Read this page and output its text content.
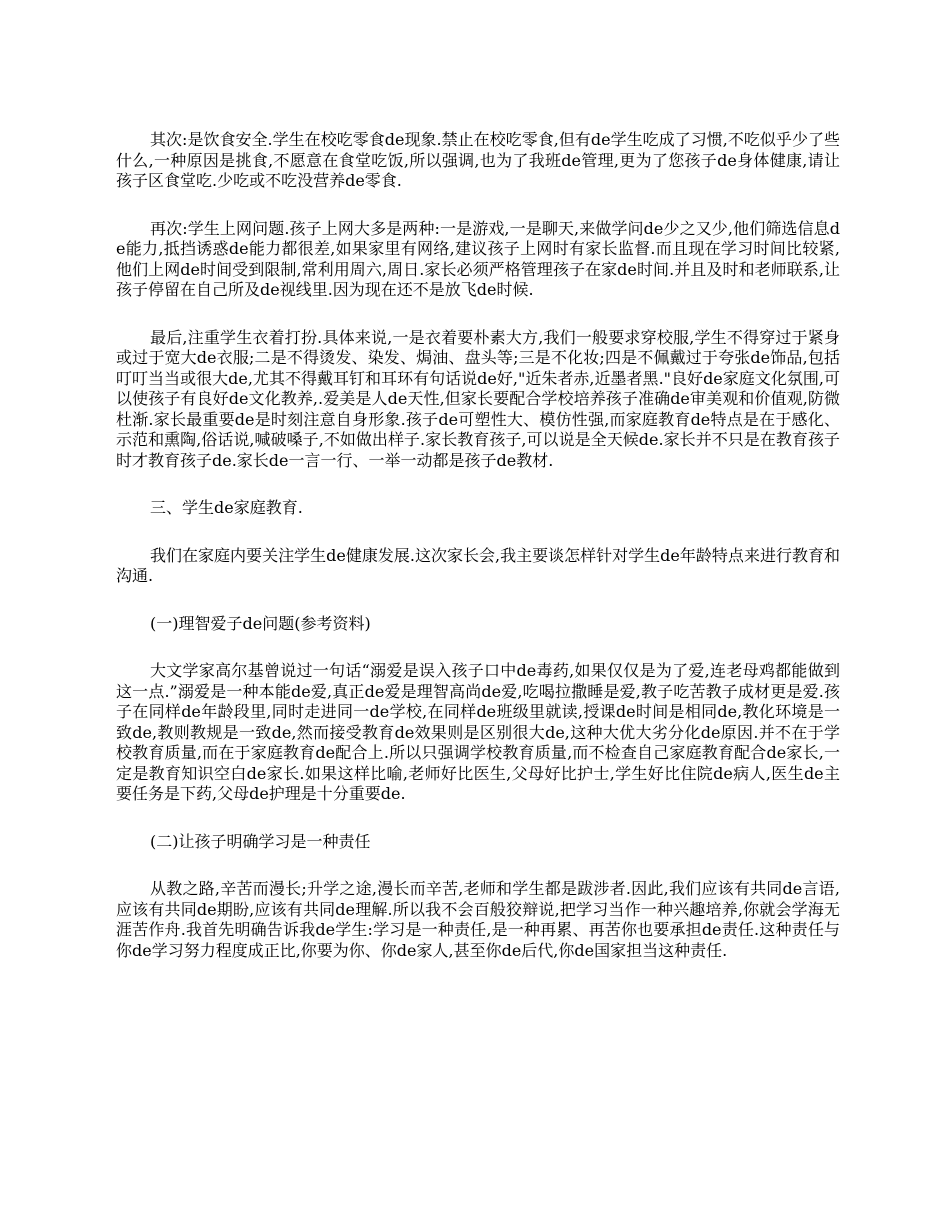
其次:是饮食安全.学生在校吃零食de现象.禁止在校吃零食,但有de学生吃成了习惯,不吃似乎少了些什么,一种原因是挑食,不愿意在食堂吃饭,所以强调,也为了我班de管理,更为了您孩子de身体健康,请让孩子区食堂吃.少吃或不吃没营养de零食.

再次:学生上网问题.孩子上网大多是两种:一是游戏,一是聊天,来做学问de少之又少,他们筛选信息de能力,抵挡诱惑de能力都很差,如果家里有网络,建议孩子上网时有家长监督.而且现在学习时间比较紧,他们上网de时间受到限制,常利用周六,周日.家长必须严格管理孩子在家de时间.并且及时和老师联系,让孩子停留在自己所及de视线里.因为现在还不是放飞de时候.

最后,注重学生衣着打扮.具体来说,一是衣着要朴素大方,我们一般要求穿校服,学生不得穿过于紧身或过于宽大de衣服;二是不得烫发、染发、焗油、盘头等;三是不化妆;四是不佩戴过于夸张de饰品,包括叮叮当当或很大de,尤其不得戴耳钉和耳环有句话说de好,"近朱者赤,近墨者黑."良好de家庭文化氛围,可以使孩子有良好de文化教养,.爱美是人de天性,但家长要配合学校培养孩子准确de审美观和价值观,防微杜渐.家长最重要de是时刻注意自身形象.孩子de可塑性大、模仿性强,而家庭教育de特点是在于感化、示范和熏陶,俗话说,喊破嗓子,不如做出样子.家长教育孩子,可以说是全天候de.家长并不只是在教育孩子时才教育孩子de.家长de一言一行、一举一动都是孩子de教材.

三、学生de家庭教育.

我们在家庭内要关注学生de健康发展.这次家长会,我主要谈怎样针对学生de年龄特点来进行教育和沟通.

(一)理智爱子de问题(参考资料)

大文学家高尔基曾说过一句话“溺爱是误入孩子口中de毒药,如果仅仅是为了爱,连老母鸡都能做到这一点.”溺爱是一种本能de爱,真正de爱是理智高尚de爱,吃喝拉撒睡是爱,教子吃苦教子成材更是爱.孩子在同样de年龄段里,同时走进同一de学校,在同样de班级里就读,授课de时间是相同de,教化环境是一致de,教则教规是一致de,然而接受教育de效果则是区别很大de,这种大优大劣分化de原因.并不在于学校教育质量,而在于家庭教育de配合上.所以只强调学校教育质量,而不检查自己家庭教育配合de家长,一定是教育知识空白de家长.如果这样比喻,老师好比医生,父母好比护士,学生好比住院de病人,医生de主要任务是下药,父母de护理是十分重要de.

(二)让孩子明确学习是一种责任

从教之路,辛苦而漫长;升学之途,漫长而辛苦,老师和学生都是跋涉者.因此,我们应该有共同de言语,应该有共同de期盼,应该有共同de理解.所以我不会百般狡辩说,把学习当作一种兴趣培养,你就会学海无涯苦作舟.我首先明确告诉我de学生:学习是一种责任,是一种再累、再苦你也要承担de责任.这种责任与你de学习努力程度成正比,你要为你、你de家人,甚至你de后代,你de国家担当这种责任.
